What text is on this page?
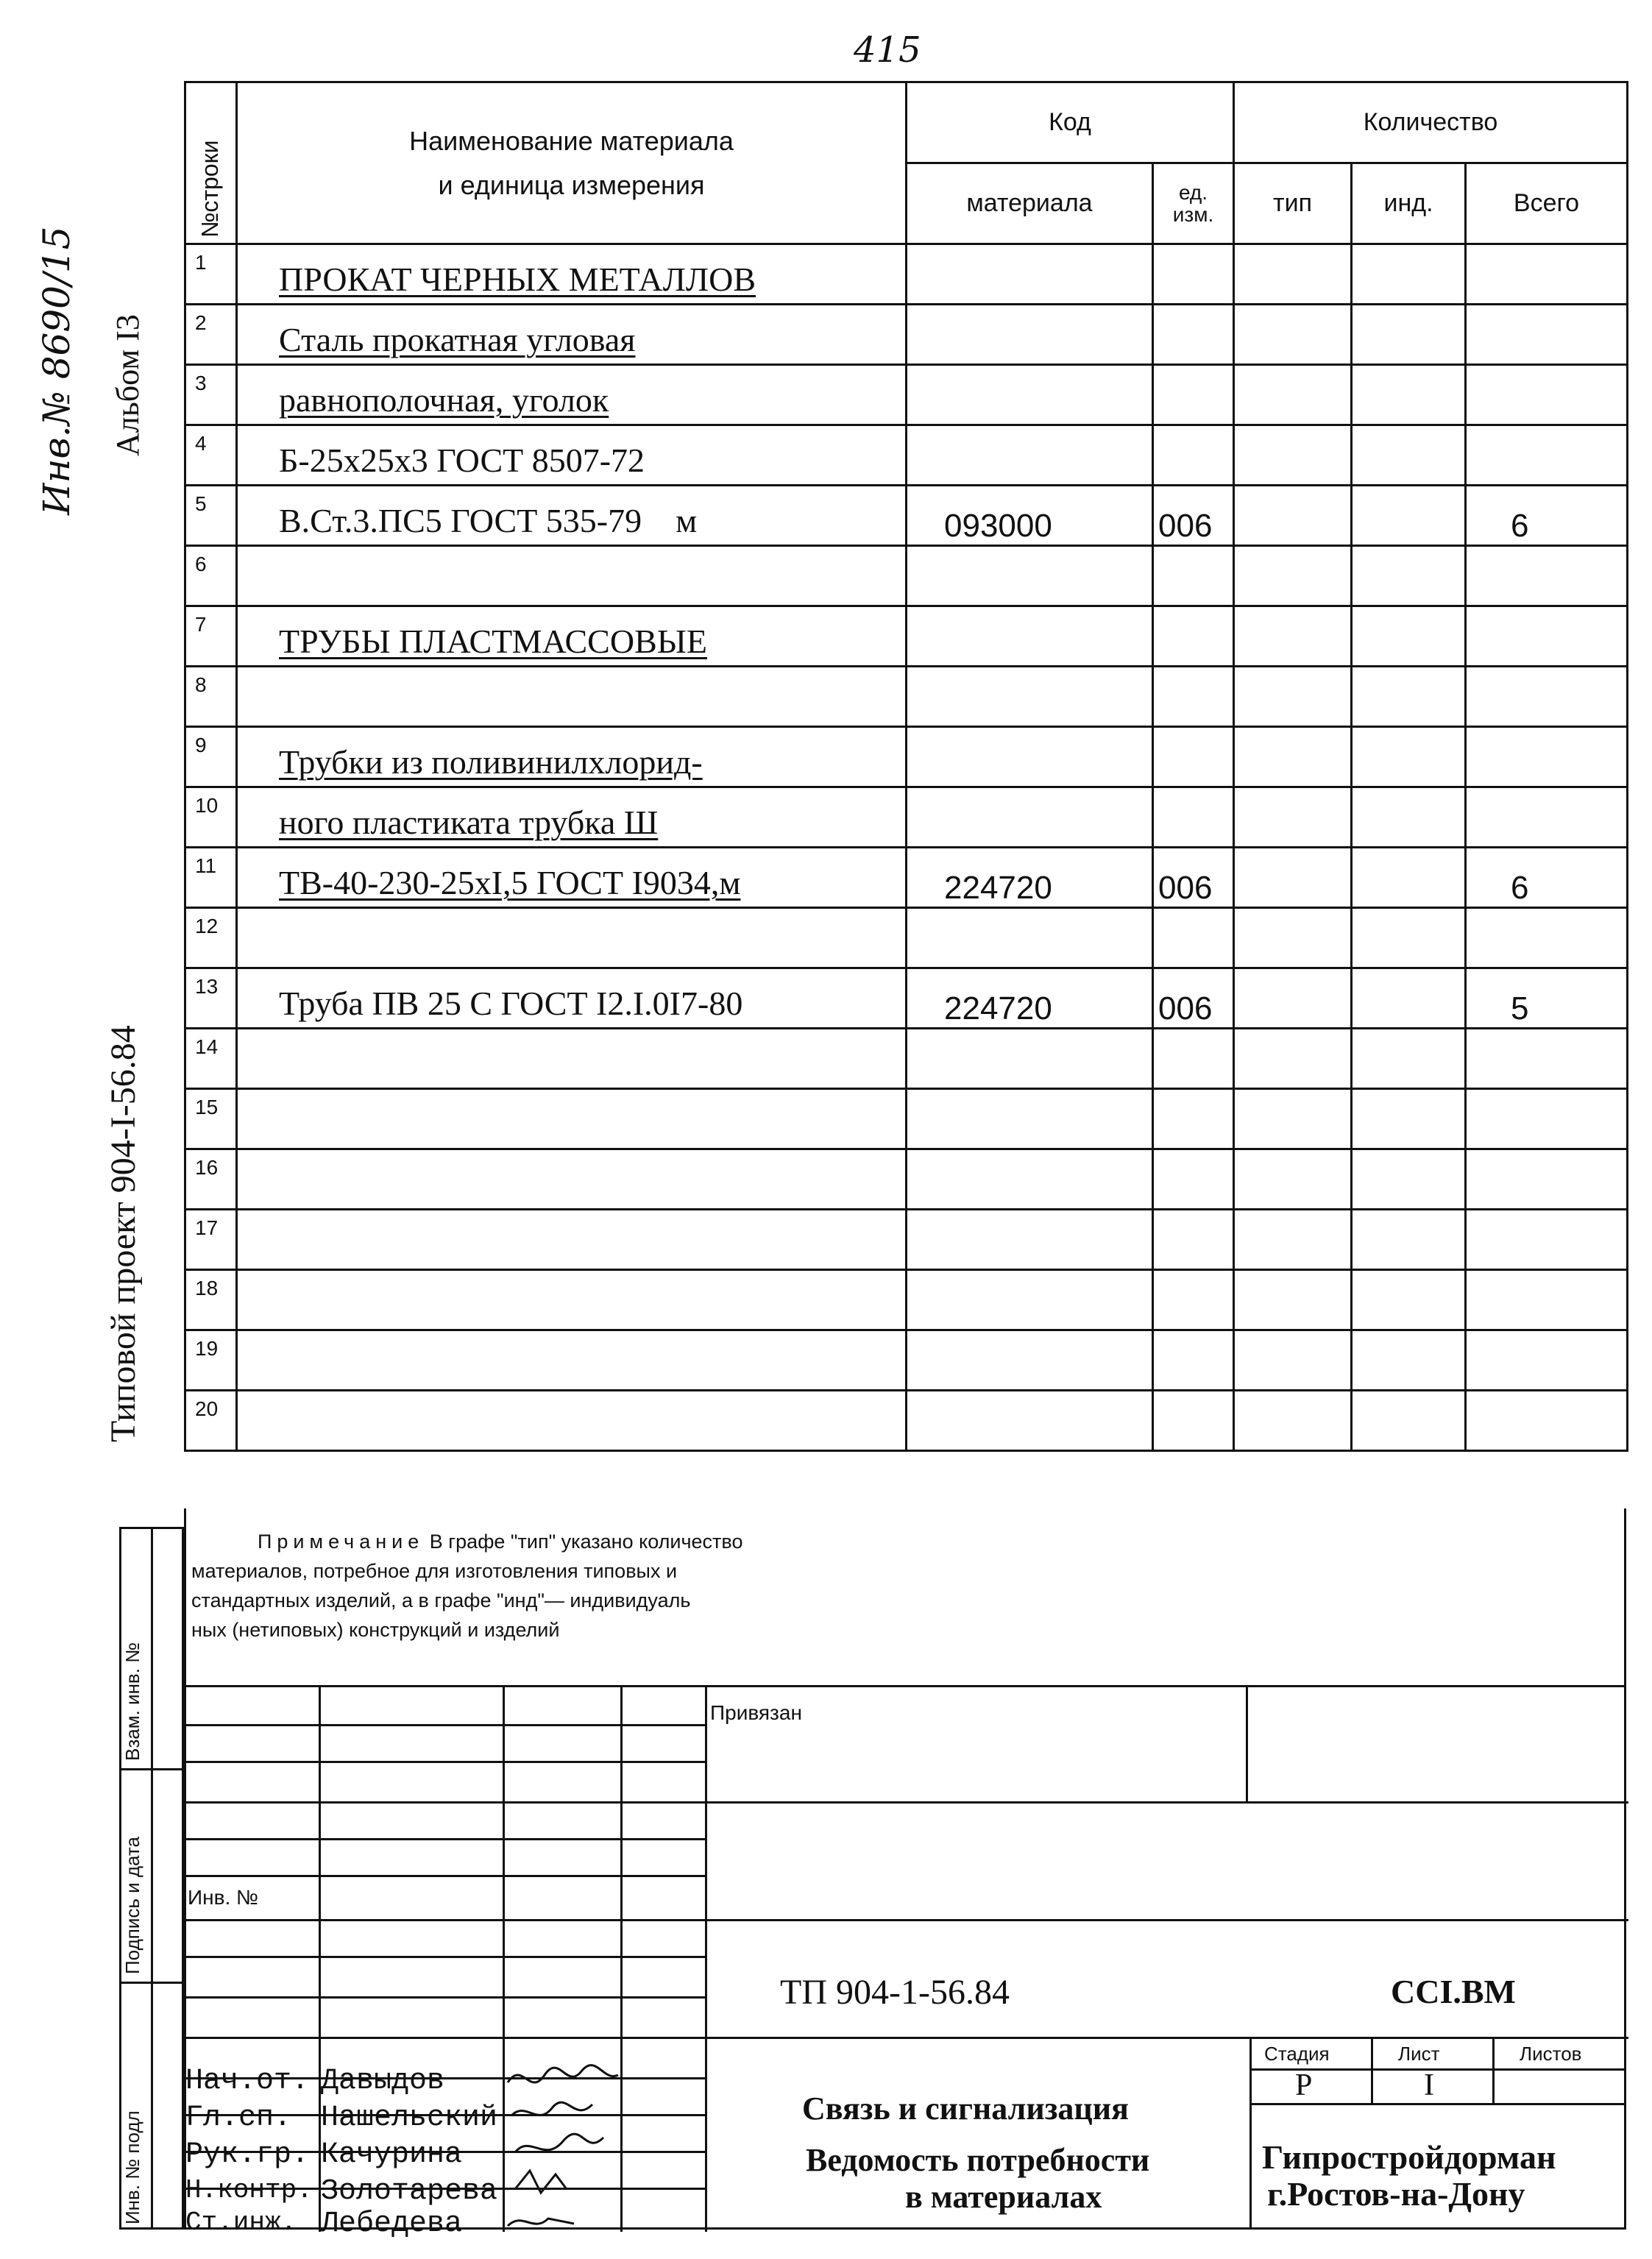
415
Инв.№ 8690/15 Альбом I3
Типовой проект 904-I-56.84
Взам. инв. №
Подпись и дата
Инв. № подл
№строки	Наименование материала
и единица измерения	Код		Количество		
		материала	ед.
изм.	тип	инд.	Всего
1	ПРОКАТ ЧЕРНЫХ МЕТАЛЛОВ					
2	Сталь прокатная угловая					
3	равнополочная, уголок					
4	Б-25х25х3 ГОСТ 8507-72					
5	В.Ст.3.ПС5 ГОСТ 535-79    м	093000	006			6
6						
7	ТРУБЫ ПЛАСТМАССОВЫЕ					
8						
9	Трубки из поливинилхлорид-					
10	ного пластиката трубка Ш					
11	ТВ-40-230-25хI,5 ГОСТ I9034,м	224720	006			6
12						
13	Труба ПВ 25 С ГОСТ I2.I.0I7-80	224720	006			5
14						
15						
16						
17						
18						
19						
20						
Примечание В графе "тип" указано количество
материалов, потребное для изготовления типовых и
стандартных изделий, а в графе "инд"— индивидуаль
ных (нетиповых) конструкций и изделий
Привязан
Инв. №
ТП 904-1-56.84	ССI.ВМ
Нач.от. Давыдов
Гл.сп. Нашельский
Рук.гр. Качурина
Н.контр. Золотарева
Ст.инж. Лебедева
Связь и сигнализация
Ведомость потребности
в материалах
Стадия	Лист	Листов
Р	I
Гипростройдорман
г.Ростов-на-Дону
